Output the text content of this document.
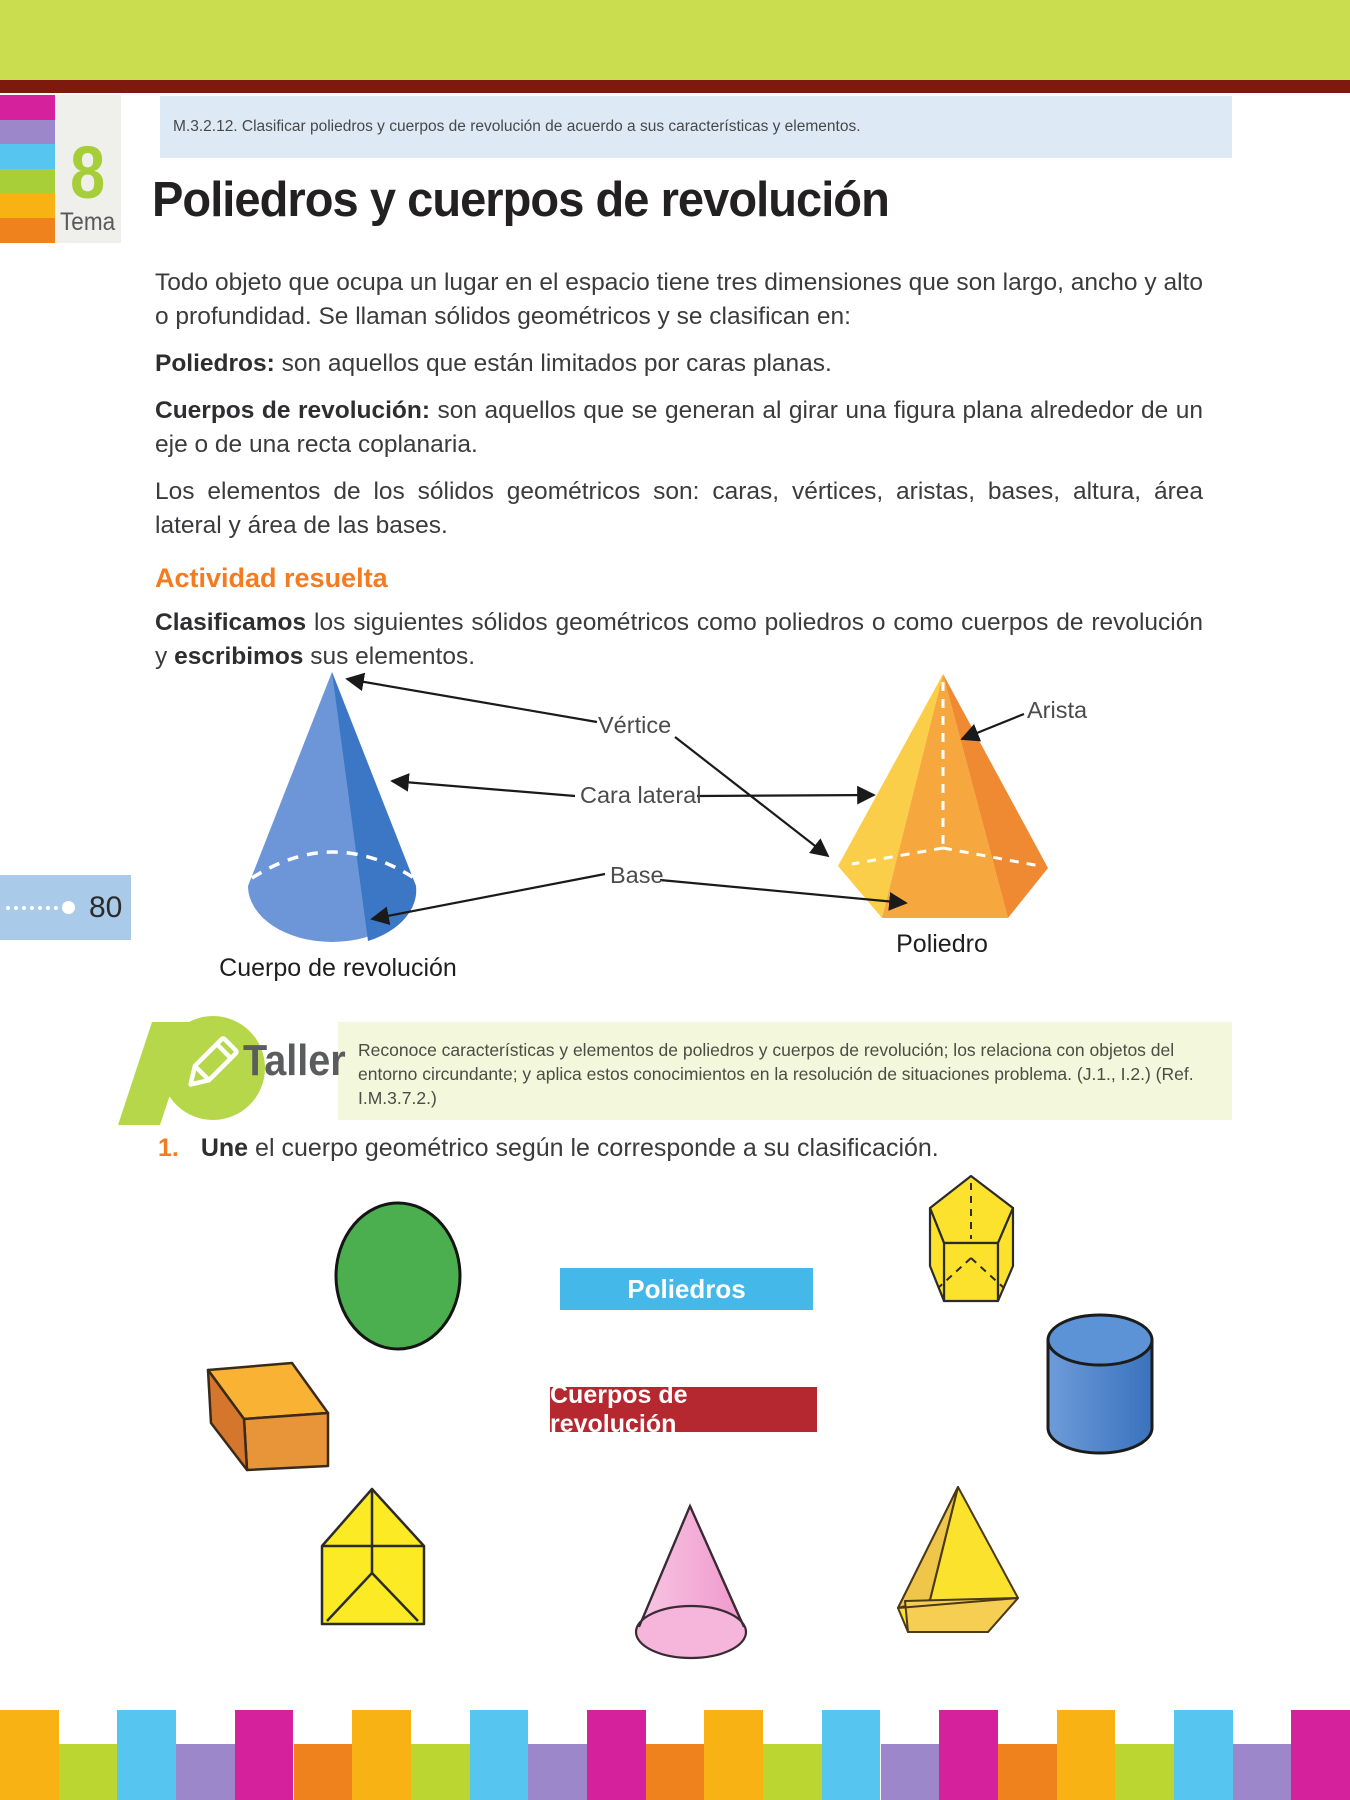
8
Tema
M.3.2.12. Clasificar poliedros y cuerpos de revolución de acuerdo a sus características y elementos.
Poliedros y cuerpos de revolución

Todo objeto que ocupa un lugar en el espacio tiene tres dimensiones que son largo, ancho y alto o profundidad. Se llaman sólidos geométricos y se clasifican en:

Poliedros: son aquellos que están limitados por caras planas.

Cuerpos de revolución: son aquellos que se generan al girar una figura plana alrededor de un eje o de una recta coplanaria.

Los elementos de los sólidos geométricos son: caras, vértices, aristas, bases, altura, área lateral y área de las bases.

Actividad resuelta

Clasificamos los siguientes sólidos geométricos como poliedros o como cuerpos de revolución y escribimos sus elementos.

Vértice
Cara lateral
Base
Arista
Cuerpo de revolución
Poliedro
80
Taller Reconoce características y elementos de poliedros y cuerpos de revolución; los relaciona con objetos del entorno circundante; y aplica estos conocimientos en la resolución de situaciones problema. (J.1., I.2.) (Ref. I.M.3.7.2.)
1. Une el cuerpo geométrico según le corresponde a su clasificación.
Poliedros
Cuerpos de revolución
